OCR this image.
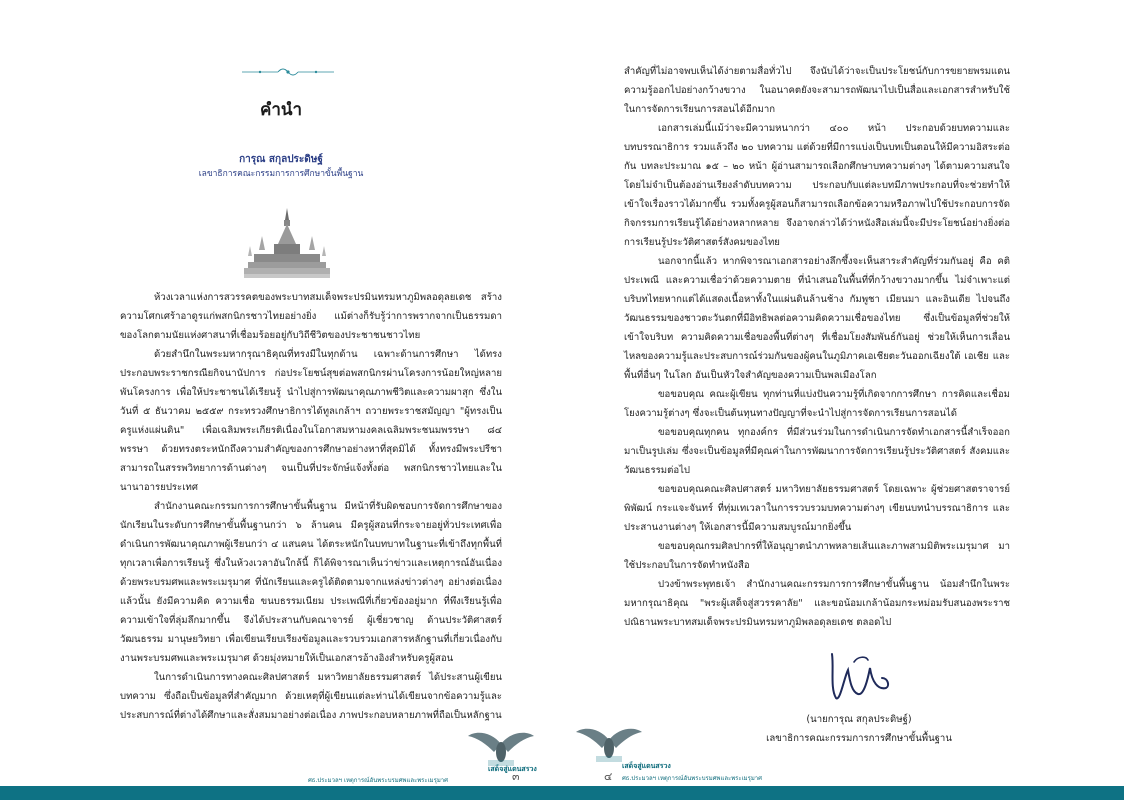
คำนำ
การุณ สกุลประดิษฐ์
เลขาธิการคณะกรรมการการศึกษาขั้นพื้นฐาน

ห้วงเวลาแห่งการสวรรคตของพระบาทสมเด็จพระปรมินทรมหาภูมิพลอดุลยเดช สร้างความโศกเศร้าอาดูรแก่พสกนิกรชาวไทยอย่างยิ่ง แม้ต่างก็รับรู้ว่าการพรากจากเป็นธรรมดาของโลกตามนัยแห่งศาสนาที่เชื่อมร้อยอยู่กับวิถีชีวิตของประชาชนชาวไทย

ด้วยสำนึกในพระมหากรุณาธิคุณที่ทรงมีในทุกด้าน เฉพาะด้านการศึกษา ได้ทรงประกอบพระราชกรณียกิจนานัปการ ก่อประโยชน์สุขต่อพสกนิกรผ่านโครงการน้อยใหญ่หลายพันโครงการ เพื่อให้ประชาชนได้เรียนรู้ นำไปสู่การพัฒนาคุณภาพชีวิตและความผาสุก ซึ่งในวันที่ ๕ ธันวาคม ๒๕๕๙ กระทรวงศึกษาธิการได้ทูลเกล้าฯ ถวายพระราชสมัญญา "ผู้ทรงเป็นครูแห่งแผ่นดิน" เพื่อเฉลิมพระเกียรติเนื่องในโอกาสมหามงคลเฉลิมพระชนมพรรษา ๘๔ พรรษา ด้วยทรงตระหนักถึงความสำคัญของการศึกษาอย่างหาที่สุดมิได้ ทั้งทรงมีพระปรีชาสามารถในสรรพวิทยาการด้านต่างๆ จนเป็นที่ประจักษ์แจ้งทั้งต่อ พสกนิกรชาวไทยและในนานาอารยประเทศ

สำนักงานคณะกรรมการการศึกษาขั้นพื้นฐาน มีหน้าที่รับผิดชอบการจัดการศึกษาของนักเรียนในระดับการศึกษาขั้นพื้นฐานกว่า ๖ ล้านคน มีครูผู้สอนที่กระจายอยู่ทั่วประเทศเพื่อดำเนินการพัฒนาคุณภาพผู้เรียนกว่า ๔ แสนคน ได้ตระหนักในบทบาทในฐานะที่เข้าถึงทุกพื้นที่ทุกเวลาเพื่อการเรียนรู้ ซึ่งในห้วงเวลาอันใกล้นี้ ก็ได้พิจารณาเห็นว่าข่าวและเหตุการณ์อันเนื่องด้วยพระบรมศพและพระเมรุมาศ ที่นักเรียนและครูได้ติดตามจากแหล่งข่าวต่างๆ อย่างต่อเนื่องแล้วนั้น ยังมีความคิด ความเชื่อ ขนบธรรมเนียม ประเพณีที่เกี่ยวข้องอยู่มาก ที่พึงเรียนรู้เพื่อความเข้าใจที่ลุ่มลึกมากขึ้น จึงได้ประสานกับคณาจารย์ ผู้เชี่ยวชาญ ด้านประวัติศาสตร์ วัฒนธรรม มานุษยวิทยา เพื่อเขียนเรียบเรียงข้อมูลและรวบรวมเอกสารหลักฐานที่เกี่ยวเนื่องกับงานพระบรมศพและพระเมรุมาศ ด้วยมุ่งหมายให้เป็นเอกสารอ้างอิงสำหรับครูผู้สอน

ในการดำเนินการทางคณะศิลปศาสตร์ มหาวิทยาลัยธรรมศาสตร์ ได้ประสานผู้เขียนบทความ ซึ่งถือเป็นข้อมูลที่สำคัญมาก ด้วยเหตุที่ผู้เขียนแต่ละท่านได้เขียนจากข้อความรู้และประสบการณ์ที่ต่างได้ศึกษาและสั่งสมมาอย่างต่อเนื่อง ภาพประกอบหลายภาพที่ถือเป็นหลักฐาน

เสด็จสู่แดนสรวง
ศธ.ประมวลฯ เหตุการณ์อันพระบรมศพและพระเมรุมาศ	๓

สำคัญที่ไม่อาจพบเห็นได้ง่ายตามสื่อทั่วไป จึงนับได้ว่าจะเป็นประโยชน์กับการขยายพรมแดนความรู้ออกไปอย่างกว้างขวาง ในอนาคตยังจะสามารถพัฒนาไปเป็นสื่อและเอกสารสำหรับใช้ในการจัดการเรียนการสอนได้อีกมาก

เอกสารเล่มนี้แม้ว่าจะมีความหนากว่า ๔๐๐ หน้า ประกอบด้วยบทความและบทบรรณาธิการ รวมแล้วถึง ๒๐ บทความ แต่ด้วยที่มีการแบ่งเป็นบทเป็นตอนให้มีความอิสระต่อกัน บทละประมาณ ๑๕ – ๒๐ หน้า ผู้อ่านสามารถเลือกศึกษาบทความต่างๆ ได้ตามความสนใจ โดยไม่จำเป็นต้องอ่านเรียงลำดับบทความ ประกอบกับแต่ละบทมีภาพประกอบที่จะช่วยทำให้เข้าใจเรื่องราวได้มากขึ้น รวมทั้งครูผู้สอนก็สามารถเลือกข้อความหรือภาพไปใช้ประกอบการจัดกิจกรรมการเรียนรู้ได้อย่างหลากหลาย จึงอาจกล่าวได้ว่าหนังสือเล่มนี้จะมีประโยชน์อย่างยิ่งต่อการเรียนรู้ประวัติศาสตร์สังคมของไทย

นอกจากนี้แล้ว หากพิจารณาเอกสารอย่างลึกซึ้งจะเห็นสาระสำคัญที่ร่วมกันอยู่ คือ คติประเพณี และความเชื่อว่าด้วยความตาย ที่นำเสนอในพื้นที่ที่กว้างขวางมากขึ้น ไม่จำเพาะแต่บริบทไทยหากแต่ได้แสดงเนื้อหาทั้งในแผ่นดินล้านช้าง กัมพูชา เมียนมา และอินเดีย ไปจนถึงวัฒนธรรมของชาวตะวันตกที่มีอิทธิพลต่อความคิดความเชื่อของไทย ซึ่งเป็นข้อมูลที่ช่วยให้เข้าใจบริบท ความคิดความเชื่อของพื้นที่ต่างๆ ที่เชื่อมโยงสัมพันธ์กันอยู่ ช่วยให้เห็นการเลื่อนไหลของความรู้และประสบการณ์ร่วมกันของผู้คนในภูมิภาคเอเชียตะวันออกเฉียงใต้ เอเชีย และพื้นที่อื่นๆ ในโลก อันเป็นหัวใจสำคัญของความเป็นพลเมืองโลก

ขอขอบคุณ คณะผู้เขียน ทุกท่านที่แบ่งปันความรู้ที่เกิดจากการศึกษา การคิดและเชื่อมโยงความรู้ต่างๆ ซึ่งจะเป็นต้นทุนทางปัญญาที่จะนำไปสู่การจัดการเรียนการสอนได้

ขอขอบคุณทุกคน ทุกองค์กร ที่มีส่วนร่วมในการดำเนินการจัดทำเอกสารนี้สำเร็จออกมาเป็นรูปเล่ม ซึ่งจะเป็นข้อมูลที่มีคุณค่าในการพัฒนาการจัดการเรียนรู้ประวัติศาสตร์ สังคมและวัฒนธรรมต่อไป

ขอขอบคุณคณะศิลปศาสตร์ มหาวิทยาลัยธรรมศาสตร์ โดยเฉพาะ ผู้ช่วยศาสตราจารย์พิพัฒน์ กระแจะจันทร์ ที่ทุ่มเทเวลาในการรวบรวมบทความต่างๆ เขียนบทนำบรรณาธิการ และประสานงานต่างๆ ให้เอกสารนี้มีความสมบูรณ์มากยิ่งขึ้น

ขอขอบคุณกรมศิลปากรที่ให้อนุญาตนำภาพหลายเส้นและภาพสามมิติพระเมรุมาศ มาใช้ประกอบในการจัดทำหนังสือ

ปวงข้าพระพุทธเจ้า สำนักงานคณะกรรมการการศึกษาขั้นพื้นฐาน น้อมสำนึกในพระมหากรุณาธิคุณ "พระผู้เสด็จสู่สวรรคาลัย" และขอน้อมเกล้าน้อมกระหม่อมรับสนองพระราชปณิธานพระบาทสมเด็จพระปรมินทรมหาภูมิพลอดุลยเดช ตลอดไป

(นายการุณ สกุลประดิษฐ์)
เลขาธิการคณะกรรมการการศึกษาขั้นพื้นฐาน
เสด็จสู่แดนสรวง
ศธ.ประมวลฯ เหตุการณ์อันพระบรมศพและพระเมรุมาศ
๔
